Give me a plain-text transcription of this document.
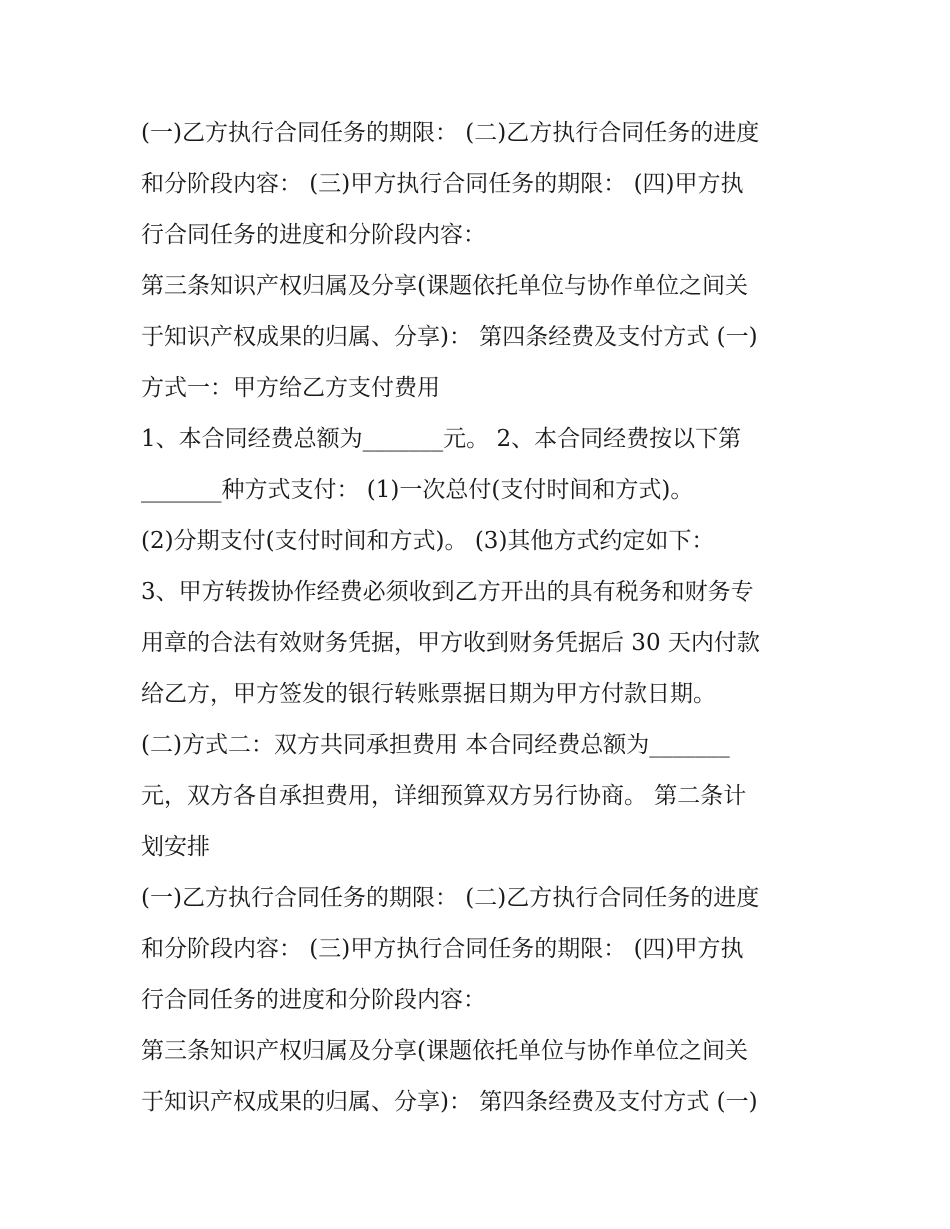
(一)乙方执行合同任务的期限： (二)乙方执行合同任务的进度
和分阶段内容： (三)甲方执行合同任务的期限： (四)甲方执
行合同任务的进度和分阶段内容：
第三条知识产权归属及分享(课题依托单位与协作单位之间关
于知识产权成果的归属、分享)： 第四条经费及支付方式 (一)
方式一：甲方给乙方支付费用
1、本合同经费总额为_______元。 2、本合同经费按以下第
_______种方式支付： (1)一次总付(支付时间和方式)。
(2)分期支付(支付时间和方式)。 (3)其他方式约定如下：
3、甲方转拨协作经费必须收到乙方开出的具有税务和财务专
用章的合法有效财务凭据，甲方收到财务凭据后 30 天内付款
给乙方，甲方签发的银行转账票据日期为甲方付款日期。
(二)方式二：双方共同承担费用 本合同经费总额为_______
元，双方各自承担费用，详细预算双方另行协商。 第二条计
划安排
(一)乙方执行合同任务的期限： (二)乙方执行合同任务的进度
和分阶段内容： (三)甲方执行合同任务的期限： (四)甲方执
行合同任务的进度和分阶段内容：
第三条知识产权归属及分享(课题依托单位与协作单位之间关
于知识产权成果的归属、分享)： 第四条经费及支付方式 (一)
